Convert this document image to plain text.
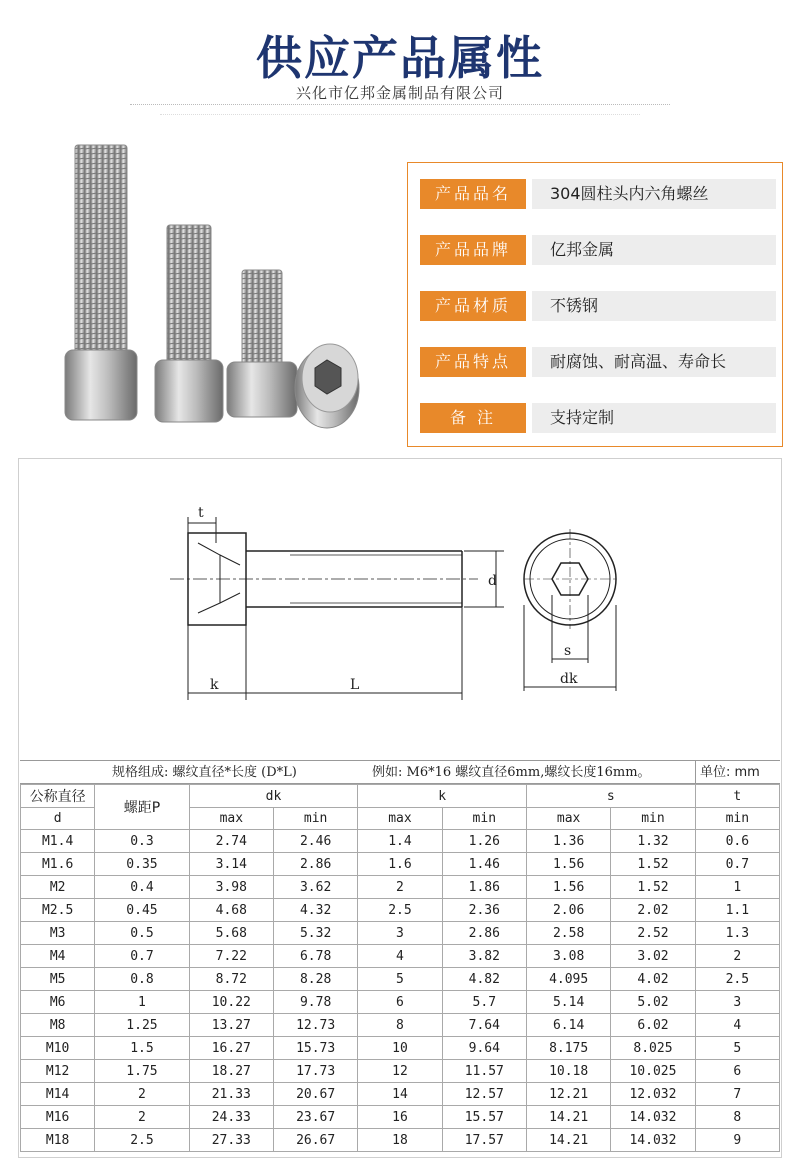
供应产品属性
兴化市亿邦金属制品有限公司
产品品名	304圆柱头内六角螺丝
产品品牌	亿邦金属
产品材质	不锈钢
产品特点	耐腐蚀、耐高温、寿命长
备 注	支持定制
t
d
k	L
s
dk
规格组成: 螺纹直径*长度 (D*L)	例如: M6*16 螺纹直径6mm,螺纹长度16mm。	单位: mm
公称直径	螺距P	dk		k		s		t
d		max	min	max	min	max	min	min
M1.4	0.3	2.74	2.46	1.4	1.26	1.36	1.32	0.6
M1.6	0.35	3.14	2.86	1.6	1.46	1.56	1.52	0.7
M2	0.4	3.98	3.62	2	1.86	1.56	1.52	1
M2.5	0.45	4.68	4.32	2.5	2.36	2.06	2.02	1.1
M3	0.5	5.68	5.32	3	2.86	2.58	2.52	1.3
M4	0.7	7.22	6.78	4	3.82	3.08	3.02	2
M5	0.8	8.72	8.28	5	4.82	4.095	4.02	2.5
M6	1	10.22	9.78	6	5.7	5.14	5.02	3
M8	1.25	13.27	12.73	8	7.64	6.14	6.02	4
M10	1.5	16.27	15.73	10	9.64	8.175	8.025	5
M12	1.75	18.27	17.73	12	11.57	10.18	10.025	6
M14	2	21.33	20.67	14	12.57	12.21	12.032	7
M16	2	24.33	23.67	16	15.57	14.21	14.032	8
M18	2.5	27.33	26.67	18	17.57	14.21	14.032	9
